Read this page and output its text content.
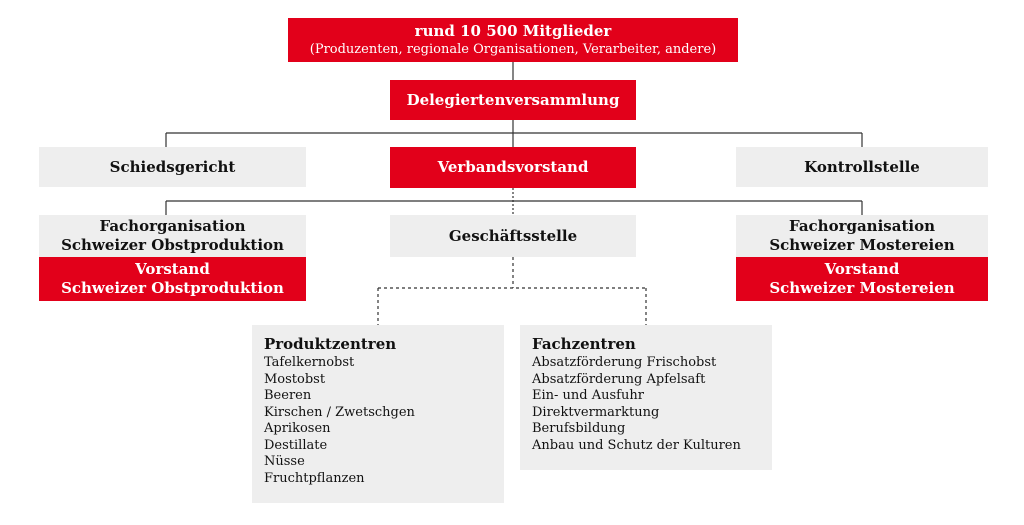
rund 10 500 Mitglieder
(Produzenten, regionale Organisationen, Verarbeiter, andere)
Delegiertenversammlung
Schiedsgericht	Verbandsvorstand	Kontrollstelle
Fachorganisation
Schweizer Obstproduktion
Vorstand
Schweizer Obstproduktion
Geschäftsstelle
Fachorganisation
Schweizer Mostereien
Vorstand
Schweizer Mostereien
Produktzentren
Tafelkernobst
Mostobst
Beeren
Kirschen / Zwetschgen
Aprikosen
Destillate
Nüsse
Fruchtpflanzen
Fachzentren
Absatzförderung Frischobst
Absatzförderung Apfelsaft
Ein- und Ausfuhr
Direktvermarktung
Berufsbildung
Anbau und Schutz der Kulturen
